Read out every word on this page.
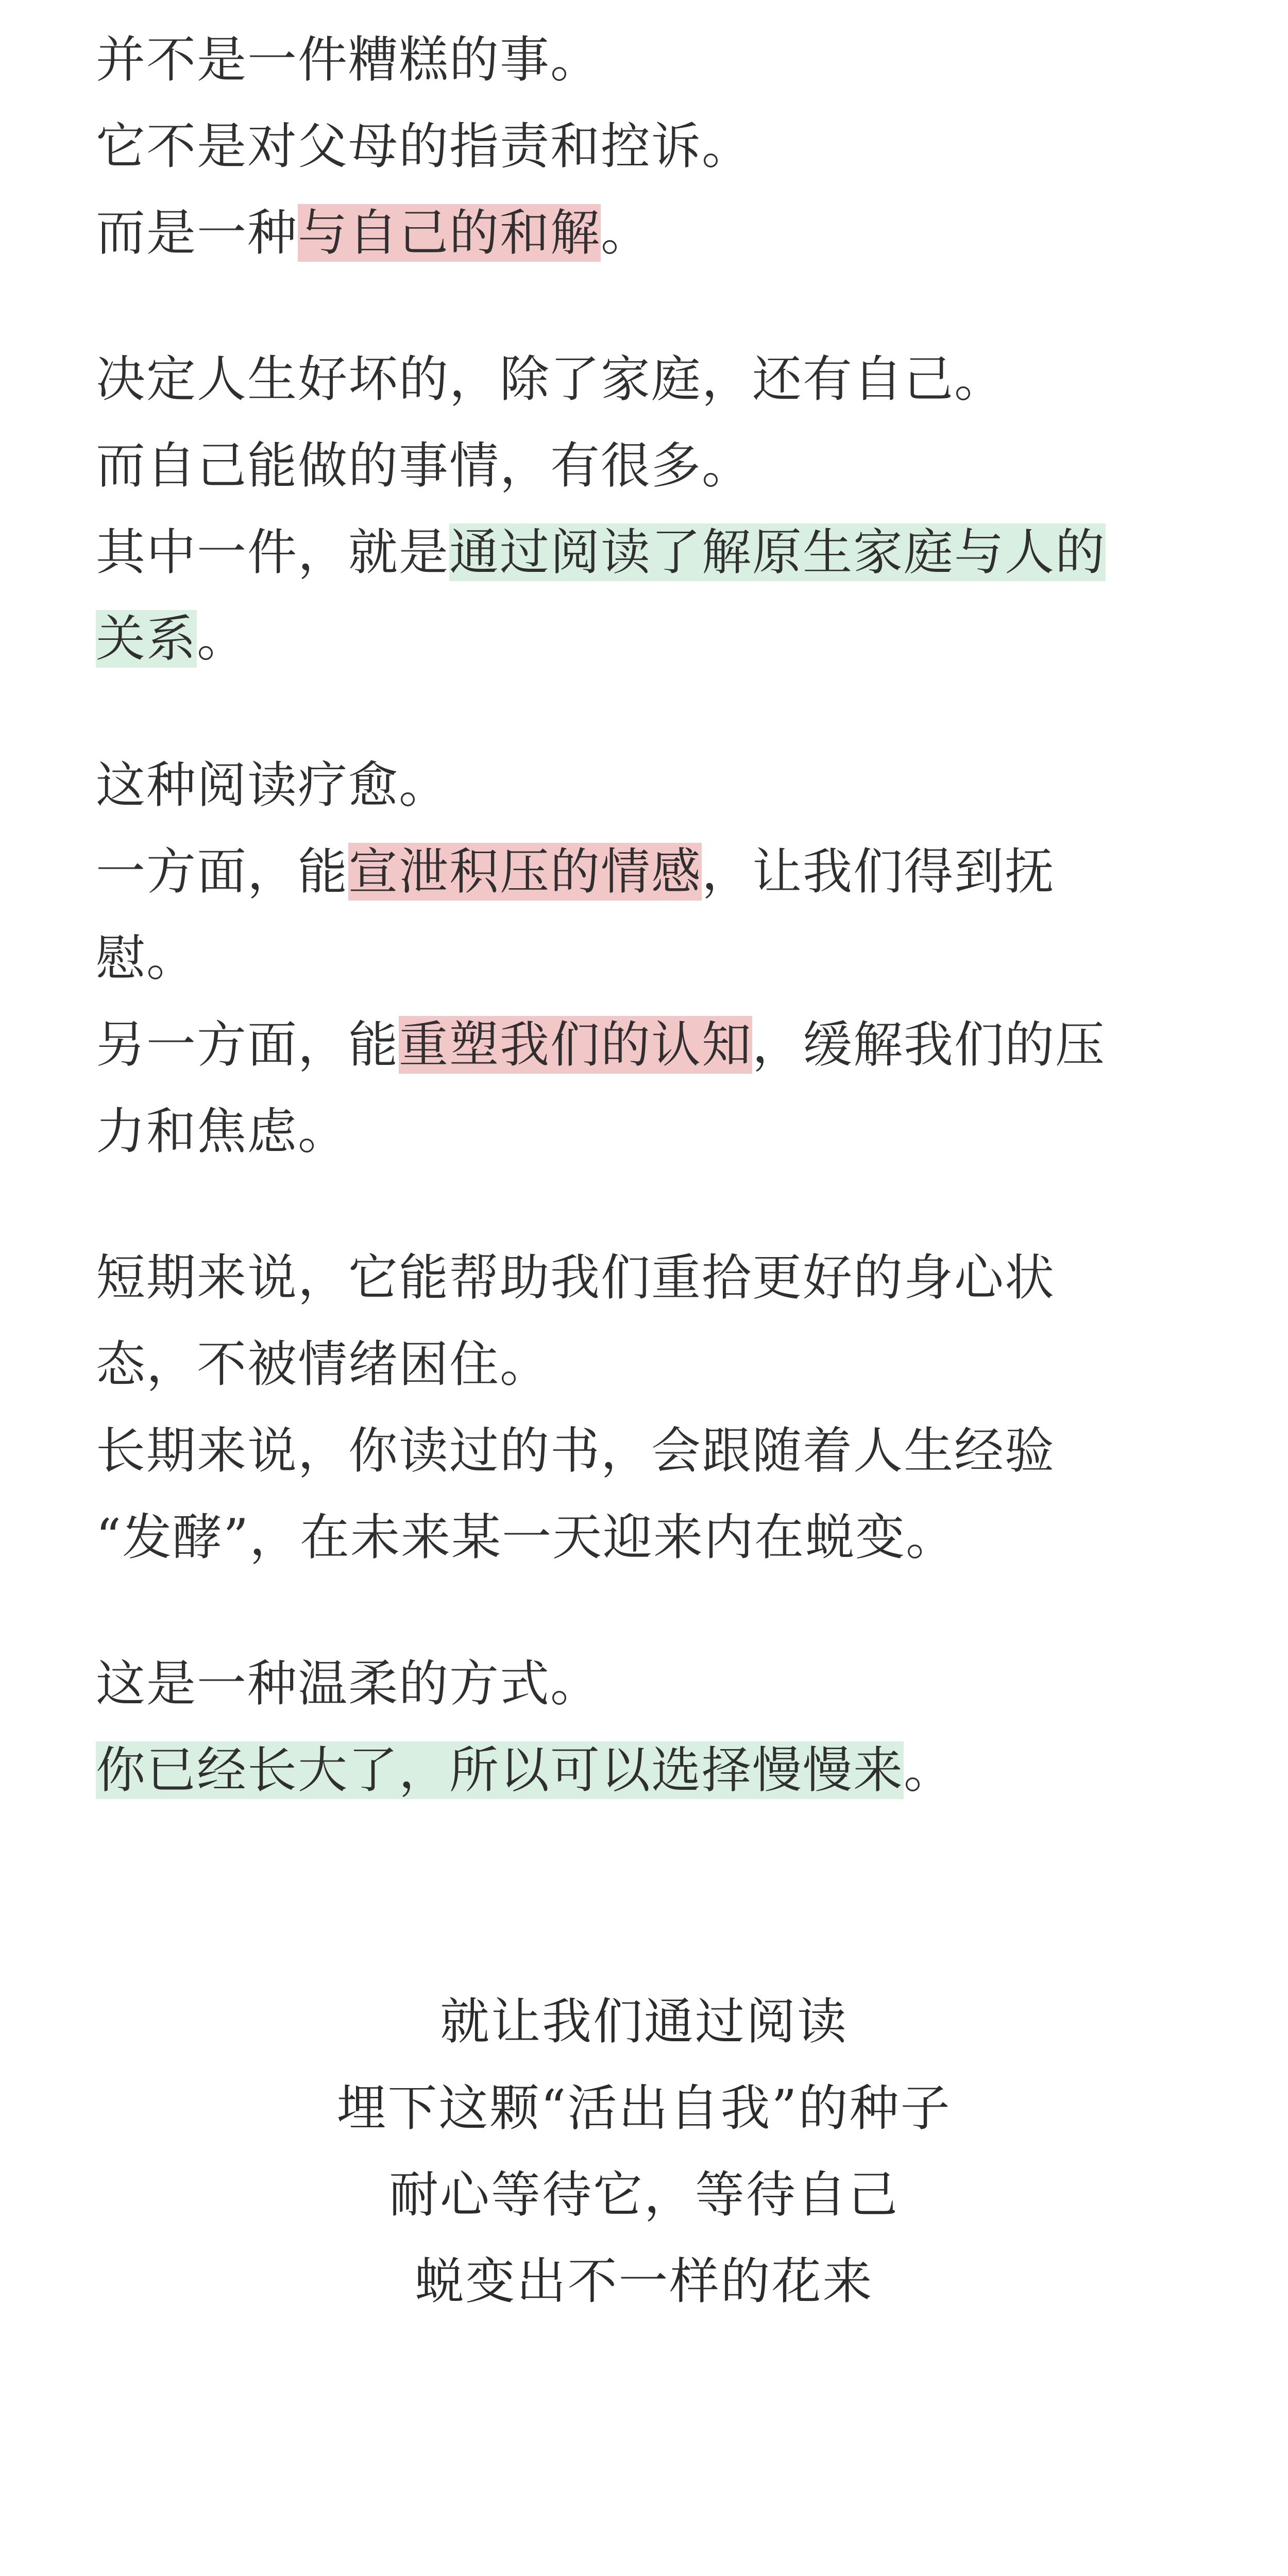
并不是一件糟糕的事。
它不是对父母的指责和控诉。
而是一种与自己的和解。

决定人生好坏的，除了家庭，还有自己。
而自己能做的事情，有很多。
其中一件，就是通过阅读了解原生家庭与人的
关系。

这种阅读疗愈。
一方面，能宣泄积压的情感，让我们得到抚
慰。
另一方面，能重塑我们的认知，缓解我们的压
力和焦虑。

短期来说，它能帮助我们重拾更好的身心状
态，不被情绪困住。
长期来说，你读过的书，会跟随着人生经验
“发酵”，在未来某一天迎来内在蜕变。

这是一种温柔的方式。
你已经长大了，所以可以选择慢慢来。

就让我们通过阅读
埋下这颗“活出自我”的种子
耐心等待它，等待自己
蜕变出不一样的花来
